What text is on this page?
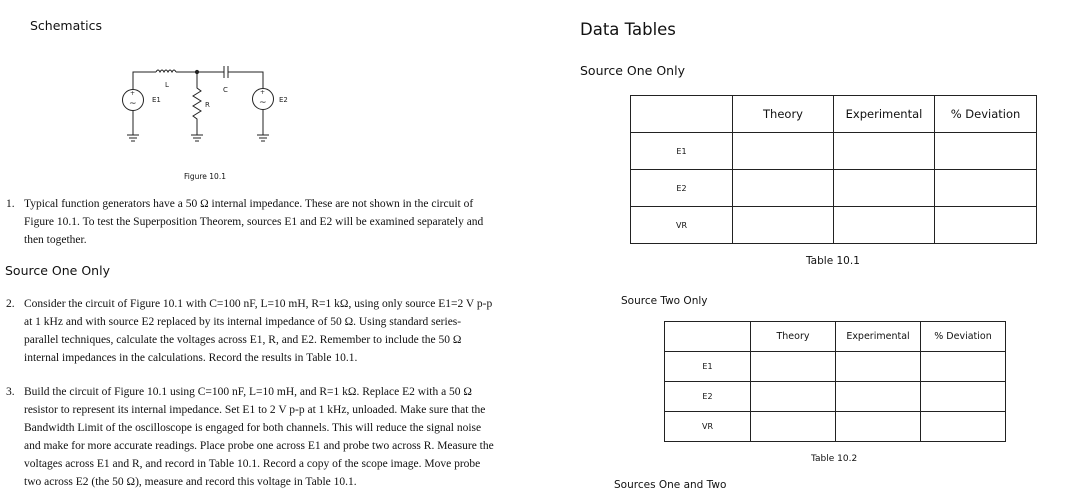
Schematics
L
C
R
E1	E2
+
~
+
~
Figure 10.1
1. Typical function generators have a 50 Ω internal impedance. These are not shown in the circuit of
Figure 10.1. To test the Superposition Theorem, sources E1 and E2 will be examined separately and
then together.
Source One Only
2. Consider the circuit of Figure 10.1 with C=100 nF, L=10 mH, R=1 kΩ, using only source E1=2 V p-p
at 1 kHz and with source E2 replaced by its internal impedance of 50 Ω. Using standard series-
parallel techniques, calculate the voltages across E1, R, and E2. Remember to include the 50 Ω
internal impedances in the calculations. Record the results in Table 10.1.
3. Build the circuit of Figure 10.1 using C=100 nF, L=10 mH, and R=1 kΩ. Replace E2 with a 50 Ω
resistor to represent its internal impedance. Set E1 to 2 V p-p at 1 kHz, unloaded. Make sure that the
Bandwidth Limit of the oscilloscope is engaged for both channels. This will reduce the signal noise
and make for more accurate readings. Place probe one across E1 and probe two across R. Measure the
voltages across E1 and R, and record in Table 10.1. Record a copy of the scope image. Move probe
two across E2 (the 50 Ω), measure and record this voltage in Table 10.1.
Data Tables
Source One Only
	Theory	Experimental	% Deviation
E1			
E2			
VR			
Table 10.1
Source Two Only
	Theory	Experimental	% Deviation
E1			
E2			
VR			
Table 10.2
Sources One and Two
